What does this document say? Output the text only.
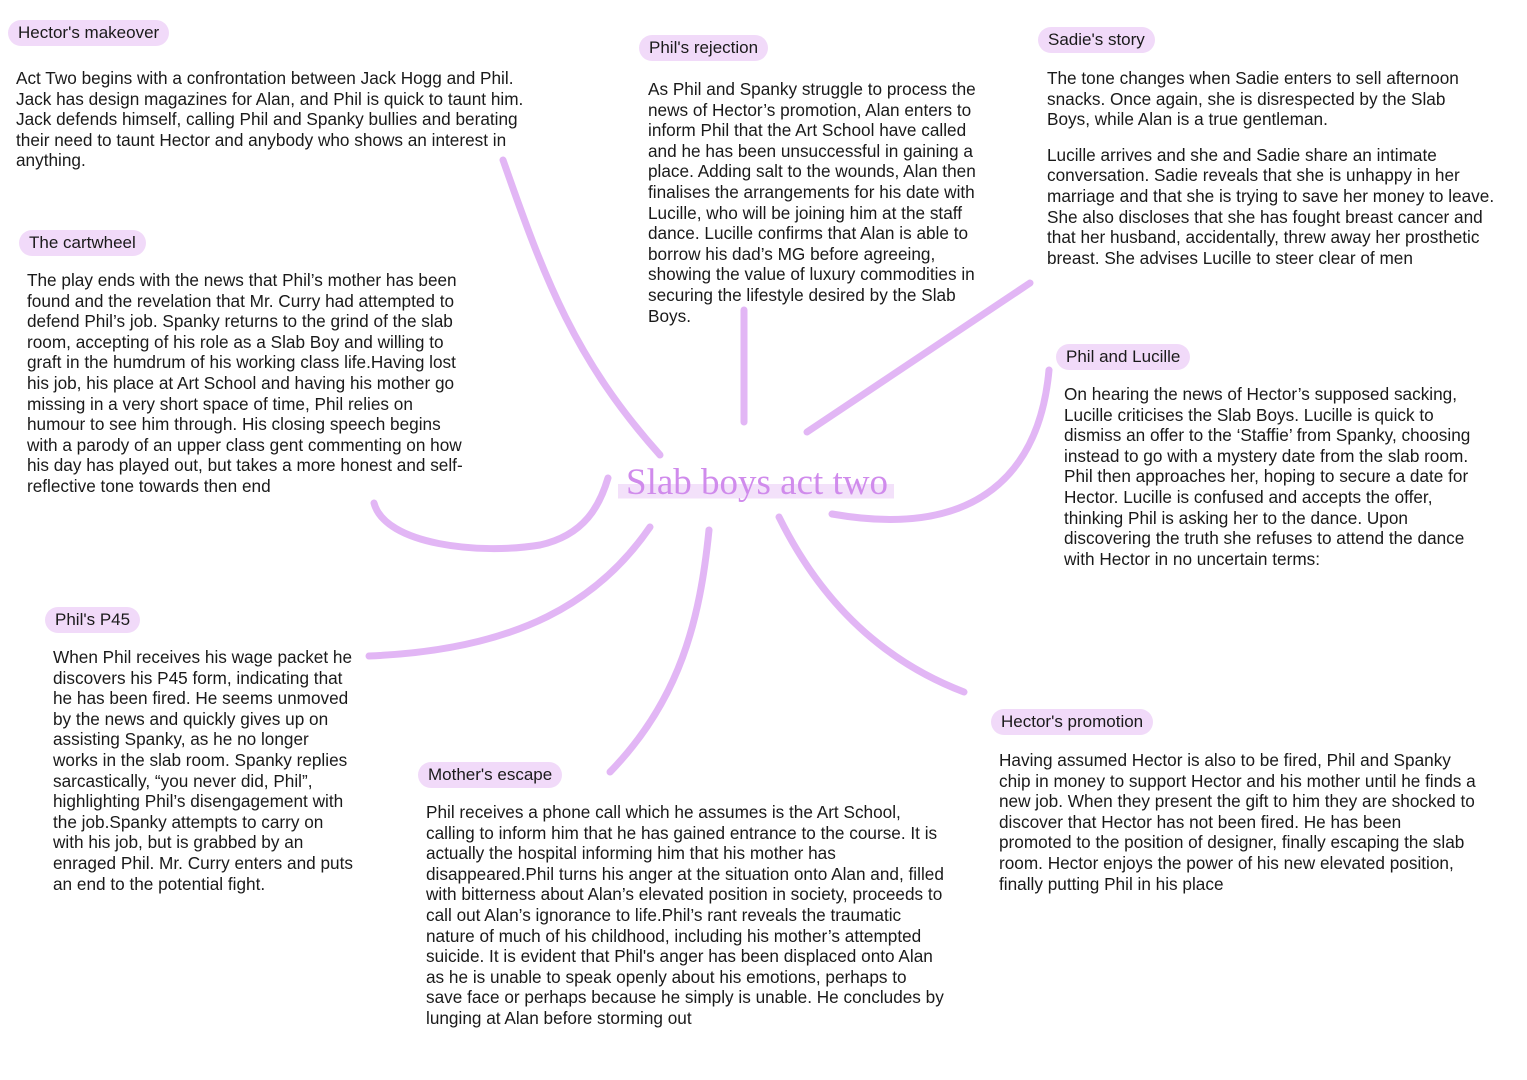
Slab boys act two
Hector's makeover
Act Two begins with a confrontation between Jack Hogg and Phil. Jack has design magazines for Alan, and Phil is quick to taunt him. Jack defends himself, calling Phil and Spanky bullies and berating their need to taunt Hector and anybody who shows an interest in anything.
Phil's rejection
As Phil and Spanky struggle to process the news of Hector’s promotion, Alan enters to inform Phil that the Art School have called and he has been unsuccessful in gaining a place. Adding salt to the wounds, Alan then finalises the arrangements for his date with Lucille, who will be joining him at the staff dance. Lucille confirms that Alan is able to borrow his dad’s MG before agreeing, showing the value of luxury commodities in securing the lifestyle desired by the Slab Boys.
Sadie's story
The tone changes when Sadie enters to sell afternoon snacks. Once again, she is disrespected by the Slab Boys, while Alan is a true gentleman.
Lucille arrives and she and Sadie share an intimate conversation. Sadie reveals that she is unhappy in her marriage and that she is trying to save her money to leave. She also discloses that she has fought breast cancer and that her husband, accidentally, threw away her prosthetic breast. She advises Lucille to steer clear of men
The cartwheel
The play ends with the news that Phil’s mother has been found and the revelation that Mr. Curry had attempted to defend Phil’s job. Spanky returns to the grind of the slab room, accepting of his role as a Slab Boy and willing to graft in the humdrum of his working class life.Having lost his job, his place at Art School and having his mother go missing in a very short space of time, Phil relies on humour to see him through. His closing speech begins with a parody of an upper class gent commenting on how his day has played out, but takes a more honest and self-reflective tone towards then end
Phil and Lucille
On hearing the news of Hector’s supposed sacking, Lucille criticises the Slab Boys. Lucille is quick to dismiss an offer to the ‘Staffie’ from Spanky, choosing instead to go with a mystery date from the slab room. Phil then approaches her, hoping to secure a date for Hector. Lucille is confused and accepts the offer, thinking Phil is asking her to the dance. Upon discovering the truth she refuses to attend the dance with Hector in no uncertain terms:
Phil's P45
When Phil receives his wage packet he discovers his P45 form, indicating that he has been fired. He seems unmoved by the news and quickly gives up on assisting Spanky, as he no longer works in the slab room. Spanky replies sarcastically, “you never did, Phil”, highlighting Phil’s disengagement with the job.Spanky attempts to carry on with his job, but is grabbed by an enraged Phil. Mr. Curry enters and puts an end to the potential fight.
Mother's escape
Phil receives a phone call which he assumes is the Art School, calling to inform him that he has gained entrance to the course. It is actually the hospital informing him that his mother has disappeared.Phil turns his anger at the situation onto Alan and, filled with bitterness about Alan’s elevated position in society, proceeds to call out Alan’s ignorance to life.Phil’s rant reveals the traumatic nature of much of his childhood, including his mother’s attempted suicide. It is evident that Phil's anger has been displaced onto Alan as he is unable to speak openly about his emotions, perhaps to save face or perhaps because he simply is unable. He concludes by lunging at Alan before storming out
Hector's promotion
Having assumed Hector is also to be fired, Phil and Spanky chip in money to support Hector and his mother until he finds a new job. When they present the gift to him they are shocked to discover that Hector has not been fired. He has been promoted to the position of designer, finally escaping the slab room. Hector enjoys the power of his new elevated position, finally putting Phil in his place
